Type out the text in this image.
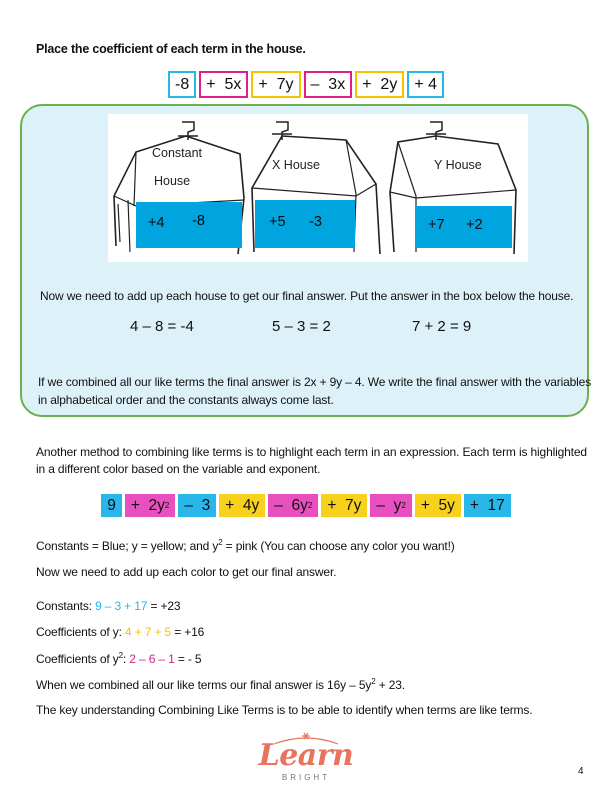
Place the coefficient of each term in the house.
-8	+  5x	+  7y	–  3x	+  2y	+ 4
Constant
House
+4 -8
X House
+5 -3
Y House
+7 +2
Now we need to add up each house to get our final answer. Put the answer in the box below the house.
4 – 8 = -4	5 – 3 = 2	7 + 2 = 9
If we combined all our like terms the final answer is 2x + 9y – 4. We write the final answer with the variables
in alphabetical order and the constants always come last.
Another method to combining like terms is to highlight each term in an expression. Each term is highlighted
in a different color based on the variable and exponent.
9 +  2y 2 –  3 +  4y –  6y 2 +  7y –  y 2 +  5y +  17
Constants = Blue; y = yellow; and $y^2$ = pink (You can choose any color you want!)
Now we need to add up each color to get our final answer.
Constants: 9 – 3 + 17 = +23
Coefficients of y: 4 + 7 + 5 = +16
Coefficients of $y^2$: 2 – 6 – 1 = - 5
When we combined all our like terms our final answer is $16y - 5y^2 + 23$.
The key understanding Combining Like Terms is to be able to identify when terms are like terms.
Learn
BRIGHT
4
